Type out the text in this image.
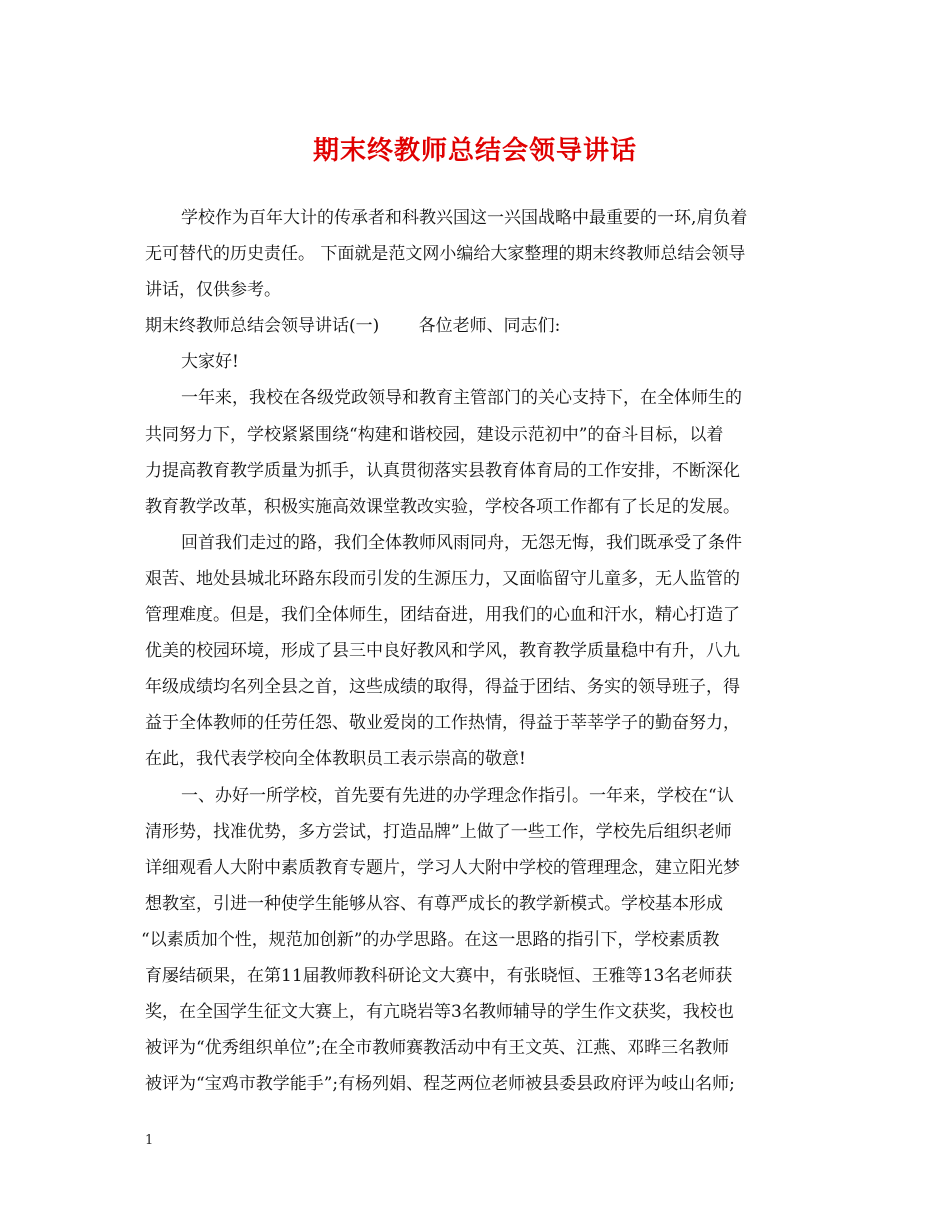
期末终教师总结会领导讲话
学校作为百年大计的传承者和科教兴国这一兴国战略中最重要的一环,肩负着
无可替代的历史责任。 下面就是范文网小编给大家整理的期末终教师总结会领导
讲话，仅供参考。
期末终教师总结会领导讲话(一)　　 各位老师、同志们:
大家好!
一年来，我校在各级党政领导和教育主管部门的关心支持下，在全体师生的
共同努力下，学校紧紧围绕“构建和谐校园，建设示范初中”的奋斗目标，以着
力提高教育教学质量为抓手，认真贯彻落实县教育体育局的工作安排，不断深化
教育教学改革，积极实施高效课堂教改实验，学校各项工作都有了长足的发展。
回首我们走过的路，我们全体教师风雨同舟，无怨无悔，我们既承受了条件
艰苦、地处县城北环路东段而引发的生源压力，又面临留守儿童多，无人监管的
管理难度。但是，我们全体师生，团结奋进，用我们的心血和汗水，精心打造了
优美的校园环境，形成了县三中良好教风和学风，教育教学质量稳中有升，八九
年级成绩均名列全县之首，这些成绩的取得，得益于团结、务实的领导班子，得
益于全体教师的任劳任怨、敬业爱岗的工作热情，得益于莘莘学子的勤奋努力，
在此，我代表学校向全体教职员工表示崇高的敬意!
一、办好一所学校，首先要有先进的办学理念作指引。一年来，学校在“认
清形势，找准优势，多方尝试，打造品牌”上做了一些工作，学校先后组织老师
详细观看人大附中素质教育专题片，学习人大附中学校的管理理念，建立阳光梦
想教室，引进一种使学生能够从容、有尊严成长的教学新模式。学校基本形成
“以素质加个性，规范加创新”的办学思路。在这一思路的指引下，学校素质教
育屡结硕果，在第11届教师教科研论文大赛中，有张晓恒、王雅等13名老师获
奖，在全国学生征文大赛上，有亢晓岩等3名教师辅导的学生作文获奖，我校也
被评为“优秀组织单位”;在全市教师赛教活动中有王文英、江燕、邓晔三名教师
被评为“宝鸡市教学能手”;有杨列娟、程芝两位老师被县委县政府评为岐山名师;
1
